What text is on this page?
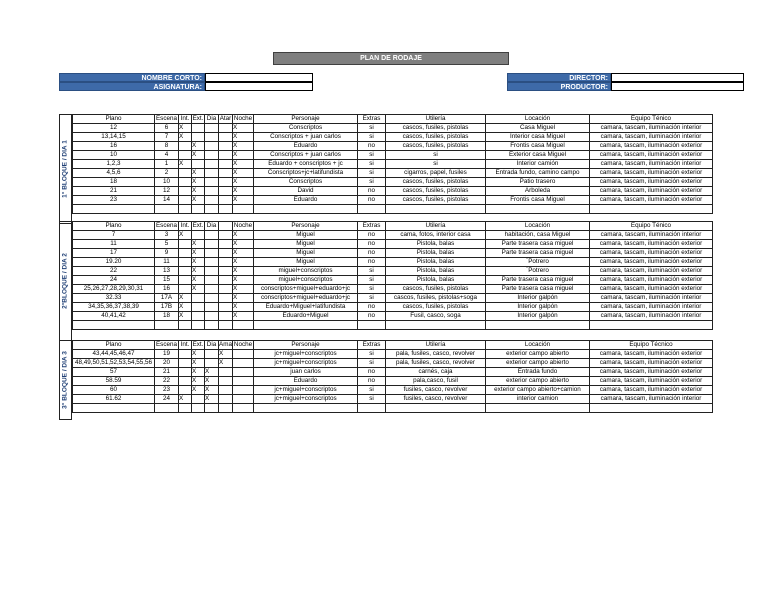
PLAN DE RODAJE
NOMBRE CORTO:
ASIGNATURA:
DIRECTOR:
PRODUCTOR:
1° BLOQUE / DIA 1
Plano	Escena	Int.	Ext.	Dia	Atar	Noche	Personaje	Extras	Utilería	Locación	Equipo Ténico
12	6	X				X	Conscriptos	si	cascos, fusiles, pistolas	Casa Miguel	camara, tascam, iluminación interior
13,14,15	7	X				X	Conscriptos + juan carlos	si	cascos, fusiles, pistolas	Interior casa Miguel	camara, tascam, iluminación interior
16	8		X			X	Eduardo	no	cascos, fusiles, pistolas	Frontis casa Miguel	camara, tascam, iluminación exterior
10	4		X			X	Conscriptos + juan carlos	si	si	Exterior casa Miguel	camara, tascam, iluminación exterior
1,2,3	1	X				X	Eduardo + conscriptos + jc	si	si	Interior camión	camara, tascam, iluminación interior
4,5,6	2		X			X	Conscriptos+jc+latifundista	si	cigarros, papel, fusiles	Entrada fundo, camino campo	camara, tascam, iluminación exterior
18	10		X			X	Conscriptos	si	cascos, fusiles, pistolas	Patio trasero	camara, tascam, iluminación exterior
21	12		X			X	David	no	cascos, fusiles, pistolas	Arboleda	camara, tascam, iluminación exterior
23	14		X			X	Eduardo	no	cascos, fusiles, pistolas	Frontis casa Miguel	camara, tascam, iluminación exterior

2°BLOQUE / DIA 2
Plano	Escena	Int.	Ext.	Dia		Noche	Personaje	Extras	Utilería	Locación	Equipo Ténico
7	3	X				X	Miguel	no	cama, fotos, interior casa	habitación, casa Miguel	camara, tascam, iluminación interior
11	5		X			X	Miguel	no	Pistola, balas	Parte trasera casa miguel	camara, tascam, iluminación exterior
17	9		X			X	Miguel	no	Pistola, balas	Parte trasera casa miguel	camara, tascam, iluminación exterior
19.20	11		X			X	Miguel	no	Pistola, balas	´Potrero	camara, tascam, iluminación exterior
22	13		X			X	miguel+conscriptos	si	Pistola, balas	´Potrero	camara, tascam, iluminación exterior
24	15		X			X	miguel+conscriptos	si	Pistola, balas	Parte trasera casa miguel	camara, tascam, iluminación exterior
25,26,27,28,29,30,31	16		X			X	conscriptos+miguel+eduardo+jc	si	cascos, fusiles, pistolas	Parte trasera casa miguel	camara, tascam, iluminación exterior
32.33	17A	X				X	conscriptos+miguel+eduardo+jc	si	cascos, fusiles, pistolas+soga	Interior galpón	camara, tascam, iluminación interior
34,35,36,37,38,39	17B	X				X	Eduardo+Miguel+latifundista	no	cascos, fusiles, pistolas	Interior galpón	camara, tascam, iluminación interior
40,41,42	18	X				X	Eduardo+Miguel	no	Fusil, casco, soga	Interior galpón	camara, tascam, iluminación interior

3° BLOQUE / DIA 3
Plano	Escena	Int.	Ext.	Dia	Ama	Noche	Personaje	Extras	Utilería	Locación	Equipo Técnico
43,44,45,46,47	19		X		X		jc+miguel+conscriptos	si	pala, fusiles, casco, revolver	exterior campo abierto	camara, tascam, iluminación exterior
48,49,50,51,52,53,54,55,56	20		X		X		jc+miguel+conscriptos	si	pala, fusiles, casco, revolver	exterior campo abierto	camara, tascam, iluminación exterior
57	21		X	X			juan carlos	no	carnés, caja	Entrada fundo	camara, tascam, iluminación exterior
58.59	22		X	X			Eduardo	no	pala,casco, fusil	exterior campo abierto	camara, tascam, iluminación exterior
60	23		X	X			jc+miguel+conscriptos	si	fusiles, casco, revolver	exterior campo abierto+camion	camara, tascam, iluminación exterior
61.62	24	X		X			jc+miguel+conscriptos	si	fusiles, casco, revolver	interior camion	camara, tascam, iluminación interior
